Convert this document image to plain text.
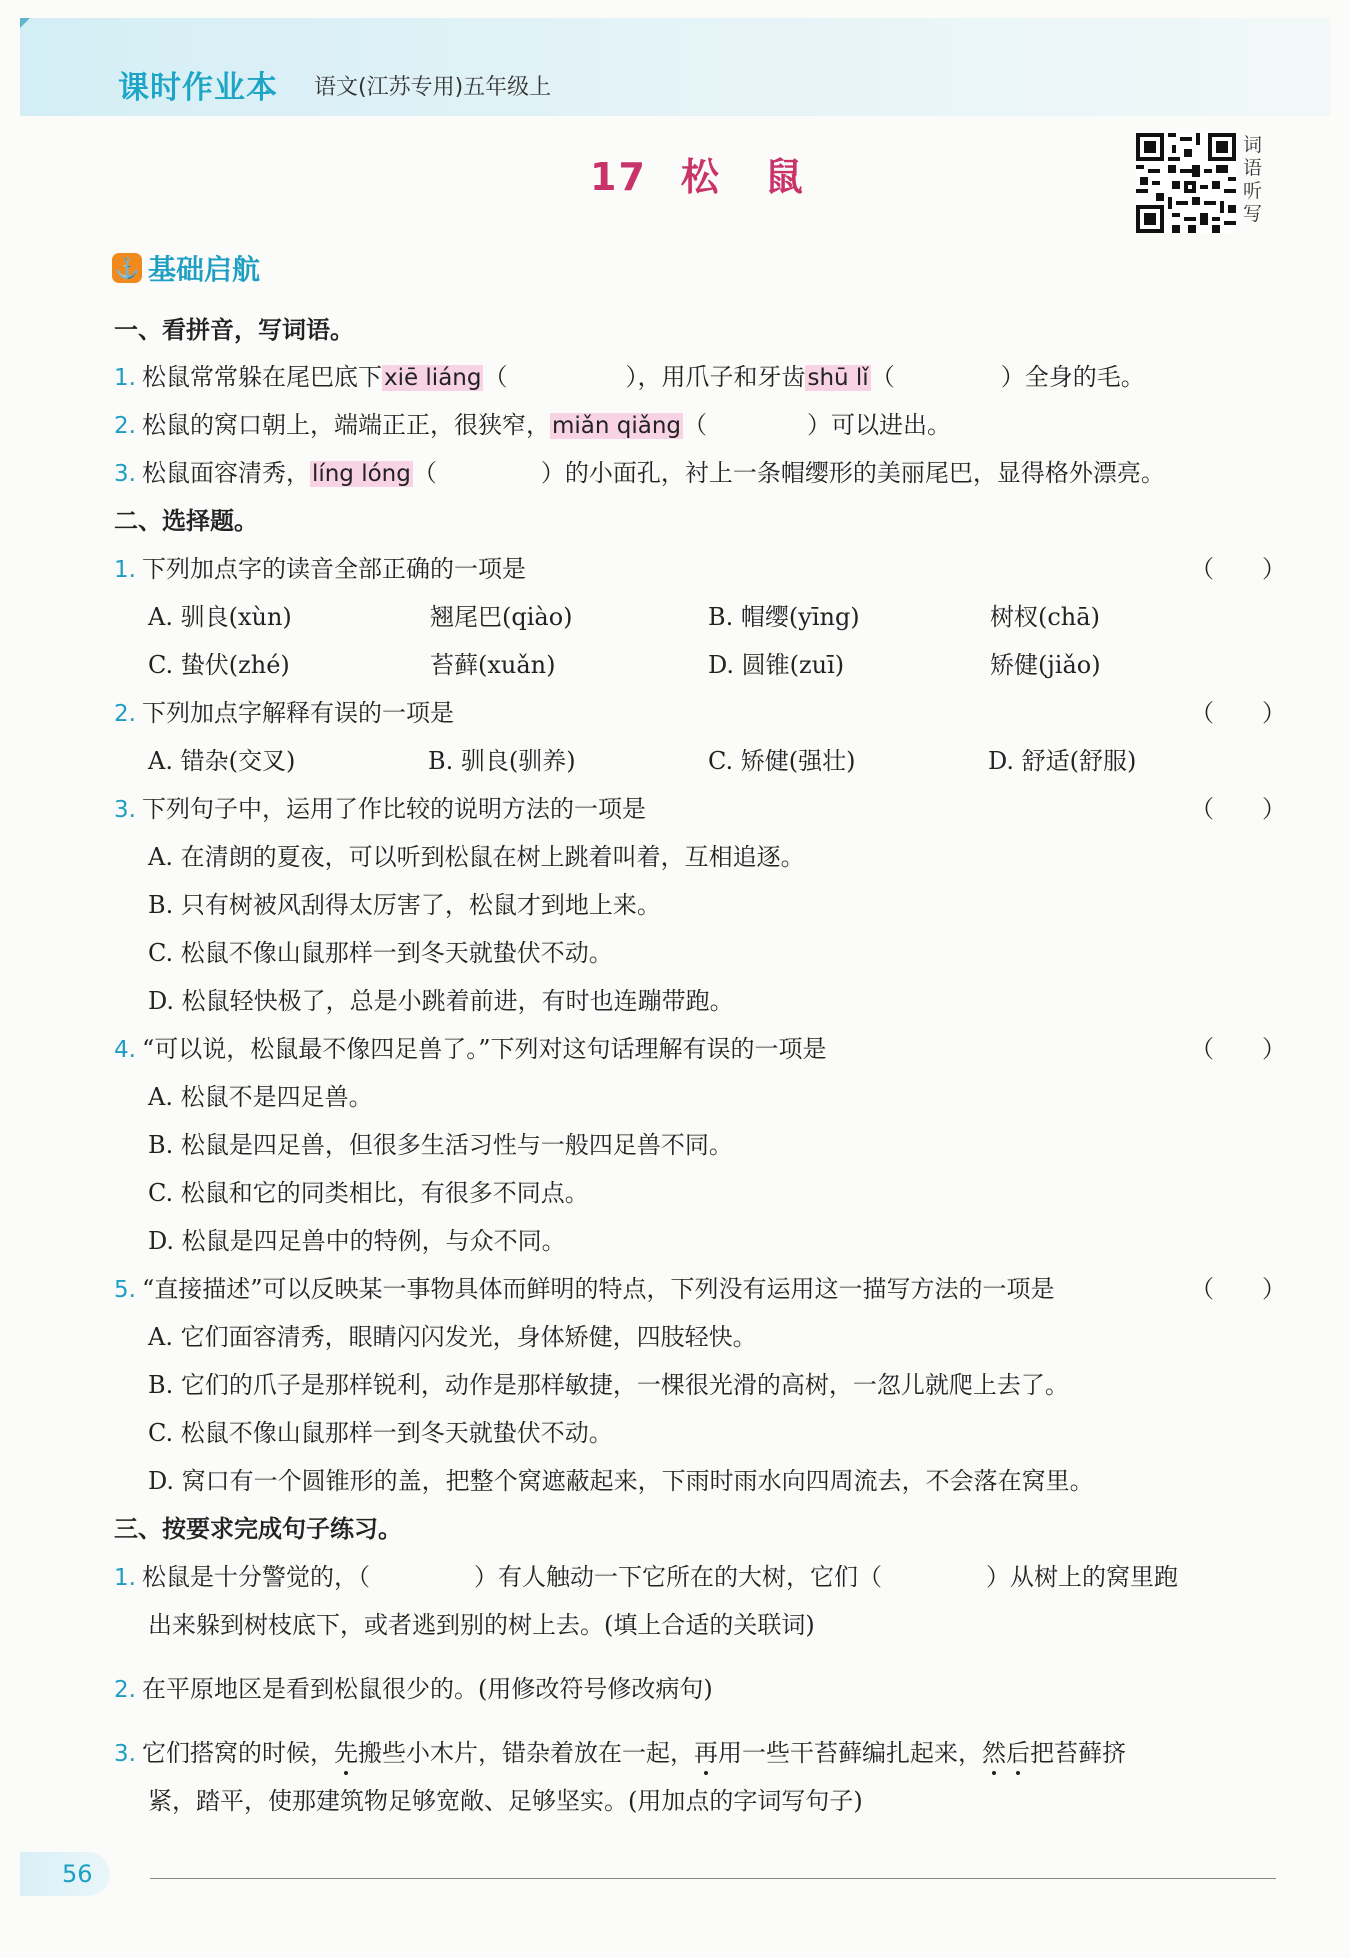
课时作业本 语文(江苏专用)五年级上
17 松 鼠
词
语
听
写
⚓ 基础启航
一、看拼音，写词语。
1. 松鼠常常躲在尾巴底下xiē liáng（	），用爪子和牙齿shū lǐ（	）全身的毛。
2. 松鼠的窝口朝上，端端正正，很狭窄，miǎn qiǎng（	）可以进出。
3. 松鼠面容清秀，líng lóng（	）的小面孔，衬上一条帽缨形的美丽尾巴，显得格外漂亮。
二、选择题。
1. 下列加点字的读音全部正确的一项是	（　　）
A. 驯良(xùn)	翘尾巴(qiào)	B. 帽缨(yīng)	树杈(chā)
C. 蛰伏(zhé)	苔藓(xuǎn)	D. 圆锥(zuī)	矫健(jiǎo)
2. 下列加点字解释有误的一项是	（　　）
A. 错杂(交叉)	B. 驯良(驯养)	C. 矫健(强壮)	D. 舒适(舒服)
3. 下列句子中，运用了作比较的说明方法的一项是	（　　）
A. 在清朗的夏夜，可以听到松鼠在树上跳着叫着，互相追逐。
B. 只有树被风刮得太厉害了，松鼠才到地上来。
C. 松鼠不像山鼠那样一到冬天就蛰伏不动。
D. 松鼠轻快极了，总是小跳着前进，有时也连蹦带跑。
4. “可以说，松鼠最不像四足兽了。”下列对这句话理解有误的一项是	（　　）
A. 松鼠不是四足兽。
B. 松鼠是四足兽，但很多生活习性与一般四足兽不同。
C. 松鼠和它的同类相比，有很多不同点。
D. 松鼠是四足兽中的特例，与众不同。
5. “直接描述”可以反映某一事物具体而鲜明的特点，下列没有运用这一描写方法的一项是	（　　）
A. 它们面容清秀，眼睛闪闪发光，身体矫健，四肢轻快。
B. 它们的爪子是那样锐利，动作是那样敏捷，一棵很光滑的高树，一忽儿就爬上去了。
C. 松鼠不像山鼠那样一到冬天就蛰伏不动。
D. 窝口有一个圆锥形的盖，把整个窝遮蔽起来，下雨时雨水向四周流去，不会落在窝里。
三、按要求完成句子练习。
1. 松鼠是十分警觉的，（	）有人触动一下它所在的大树，它们（	）从树上的窝里跑
出来躲到树枝底下，或者逃到别的树上去。(填上合适的关联词)
2. 在平原地区是看到松鼠很少的。(用修改符号修改病句)
3. 它们搭窝的时候，先搬些小木片，错杂着放在一起，再用一些干苔藓编扎起来，然后把苔藓挤
紧，踏平，使那建筑物足够宽敞、足够坚实。(用加点的字词写句子)
56
